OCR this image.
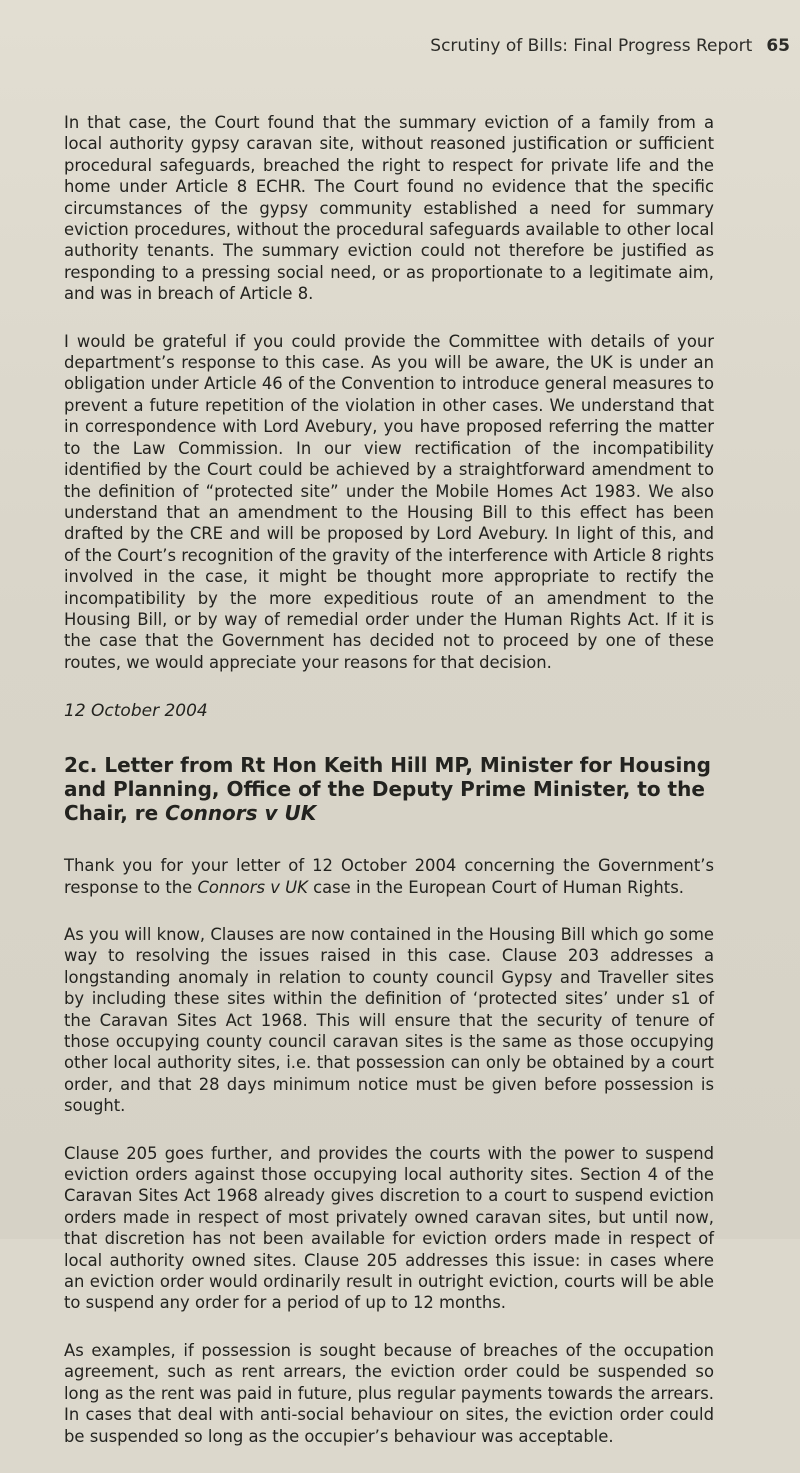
Scrutiny of Bills: Final Progress Report 65

In that case, the Court found that the summary eviction of a family from a local authority gypsy caravan site, without reasoned justification or sufficient procedural safeguards, breached the right to respect for private life and the home under Article 8 ECHR. The Court found no evidence that the specific circumstances of the gypsy community established a need for summary eviction procedures, without the procedural safeguards available to other local authority tenants. The summary eviction could not therefore be justified as responding to a pressing social need, or as proportionate to a legitimate aim, and was in breach of Article 8.

I would be grateful if you could provide the Committee with details of your department’s response to this case. As you will be aware, the UK is under an obligation under Article 46 of the Convention to introduce general measures to prevent a future repetition of the violation in other cases. We understand that in correspondence with Lord Avebury, you have proposed referring the matter to the Law Commission. In our view rectification of the incompatibility identified by the Court could be achieved by a straightforward amendment to the definition of “protected site” under the Mobile Homes Act 1983. We also understand that an amendment to the Housing Bill to this effect has been drafted by the CRE and will be proposed by Lord Avebury. In light of this, and of the Court’s recognition of the gravity of the interference with Article 8 rights involved in the case, it might be thought more appropriate to rectify the incompatibility by the more expeditious route of an amendment to the Housing Bill, or by way of remedial order under the Human Rights Act. If it is the case that the Government has decided not to proceed by one of these routes, we would appreciate your reasons for that decision.

12 October 2004
2c. Letter from Rt Hon Keith Hill MP, Minister for Housing and Planning, Office of the Deputy Prime Minister, to the Chair, re Connors v UK

Thank you for your letter of 12 October 2004 concerning the Government’s response to the Connors v UK case in the European Court of Human Rights.

As you will know, Clauses are now contained in the Housing Bill which go some way to resolving the issues raised in this case. Clause 203 addresses a longstanding anomaly in relation to county council Gypsy and Traveller sites by including these sites within the definition of ‘protected sites’ under s1 of the Caravan Sites Act 1968. This will ensure that the security of tenure of those occupying county council caravan sites is the same as those occupying other local authority sites, i.e. that possession can only be obtained by a court order, and that 28 days minimum notice must be given before possession is sought.

Clause 205 goes further, and provides the courts with the power to suspend eviction orders against those occupying local authority sites. Section 4 of the Caravan Sites Act 1968 already gives discretion to a court to suspend eviction orders made in respect of most privately owned caravan sites, but until now, that discretion has not been available for eviction orders made in respect of local authority owned sites. Clause 205 addresses this issue: in cases where an eviction order would ordinarily result in outright eviction, courts will be able to suspend any order for a period of up to 12 months.

As examples, if possession is sought because of breaches of the occupation agreement, such as rent arrears, the eviction order could be suspended so long as the rent was paid in future, plus regular payments towards the arrears. In cases that deal with anti-social behaviour on sites, the eviction order could be suspended so long as the occupier’s behaviour was acceptable.
